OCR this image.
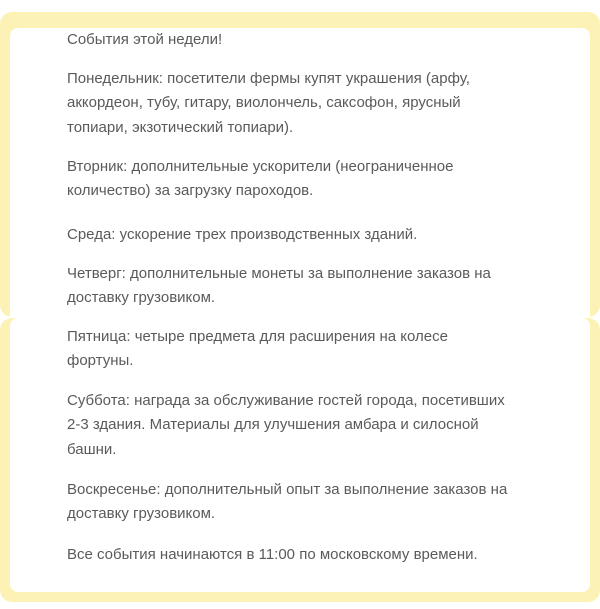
События этой недели!

Понедельник: посетители фермы купят украшения (арфу,
аккордеон, тубу, гитару, виолончель, саксофон, ярусный
топиари, экзотический топиари).

Вторник: дополнительные ускорители (неограниченное
количество) за загрузку пароходов.

Среда: ускорение трех производственных зданий.

Четверг: дополнительные монеты за выполнение заказов на
доставку грузовиком.

Пятница: четыре предмета для расширения на колесе
фортуны.

Суббота: награда за обслуживание гостей города, посетивших
2-3 здания. Материалы для улучшения амбара и силосной
башни.

Воскресенье: дополнительный опыт за выполнение заказов на
доставку грузовиком.

Все события начинаются в 11:00 по московскому времени.
